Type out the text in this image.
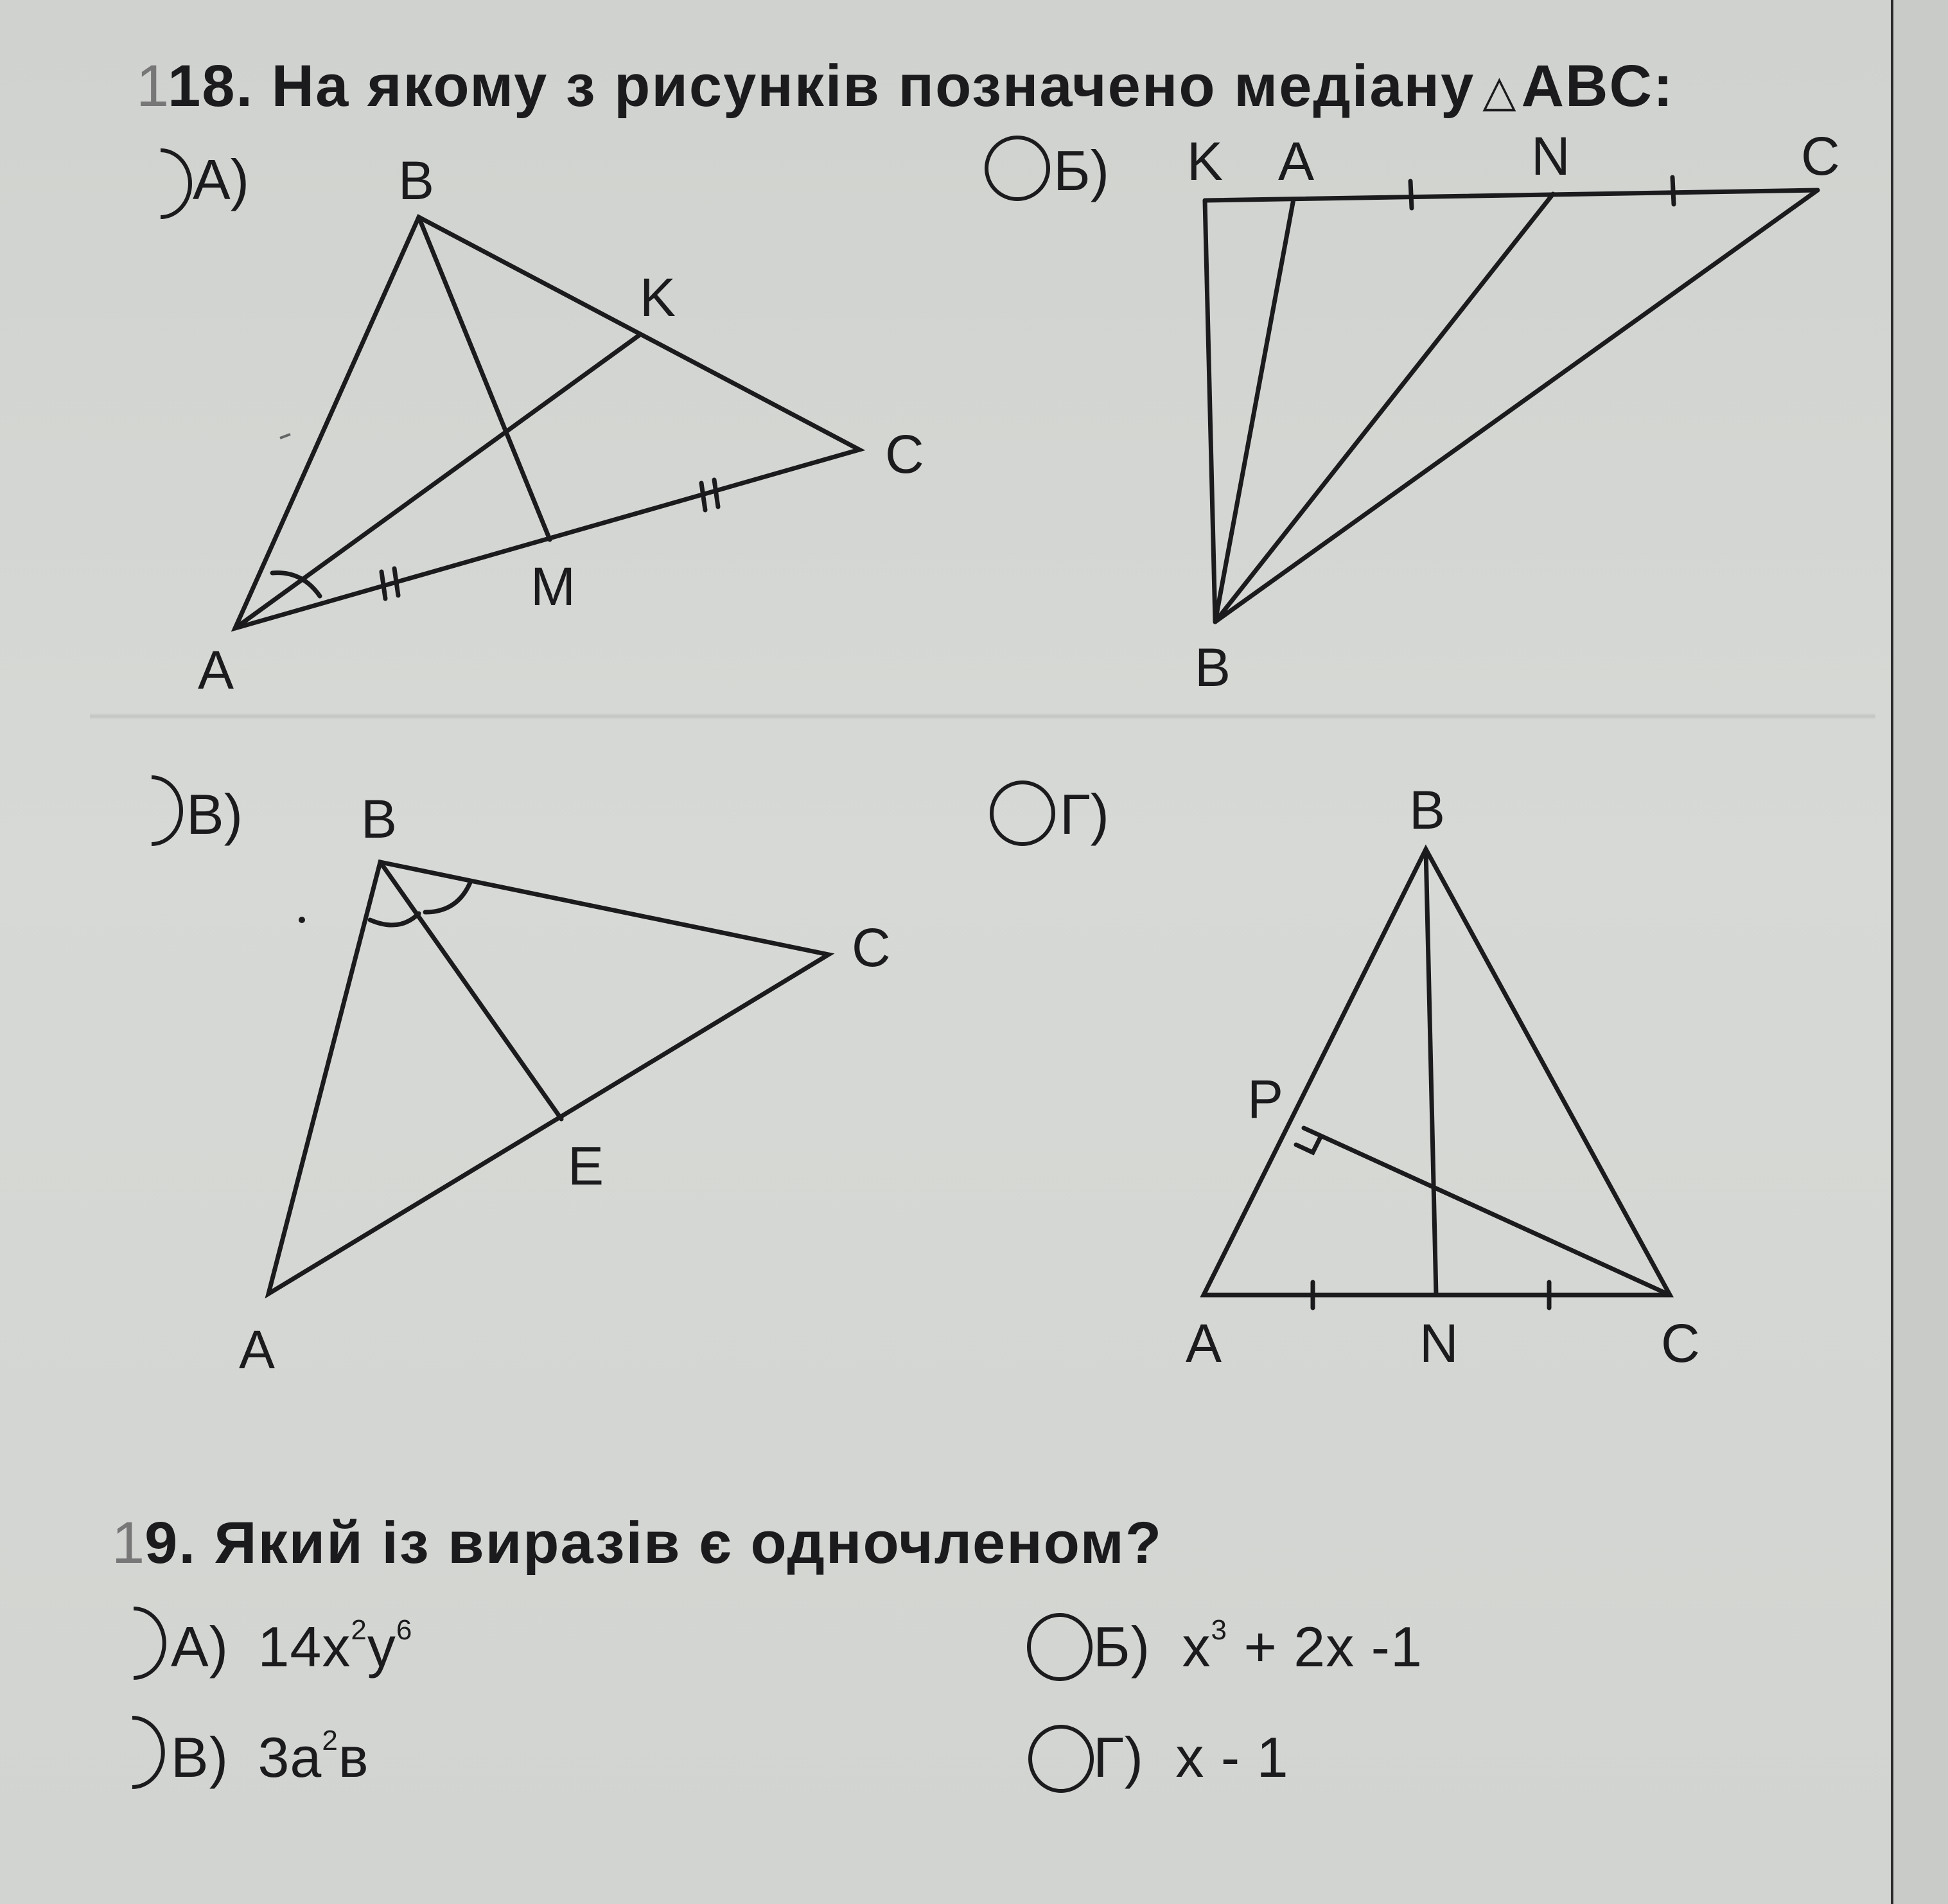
118. На якому з рисунків позначено медіану △ABC:
А)	Б)
В)	Г)
B
K
C
M
A
K A	N	C
B
B
C
E
A
B
P
A	N	C
19. Який із виразів є одночленом?
А) $14x^2y^6$	Б) $x^3 + 2x$ -1
В) $3a^2в$	Г) x - 1
